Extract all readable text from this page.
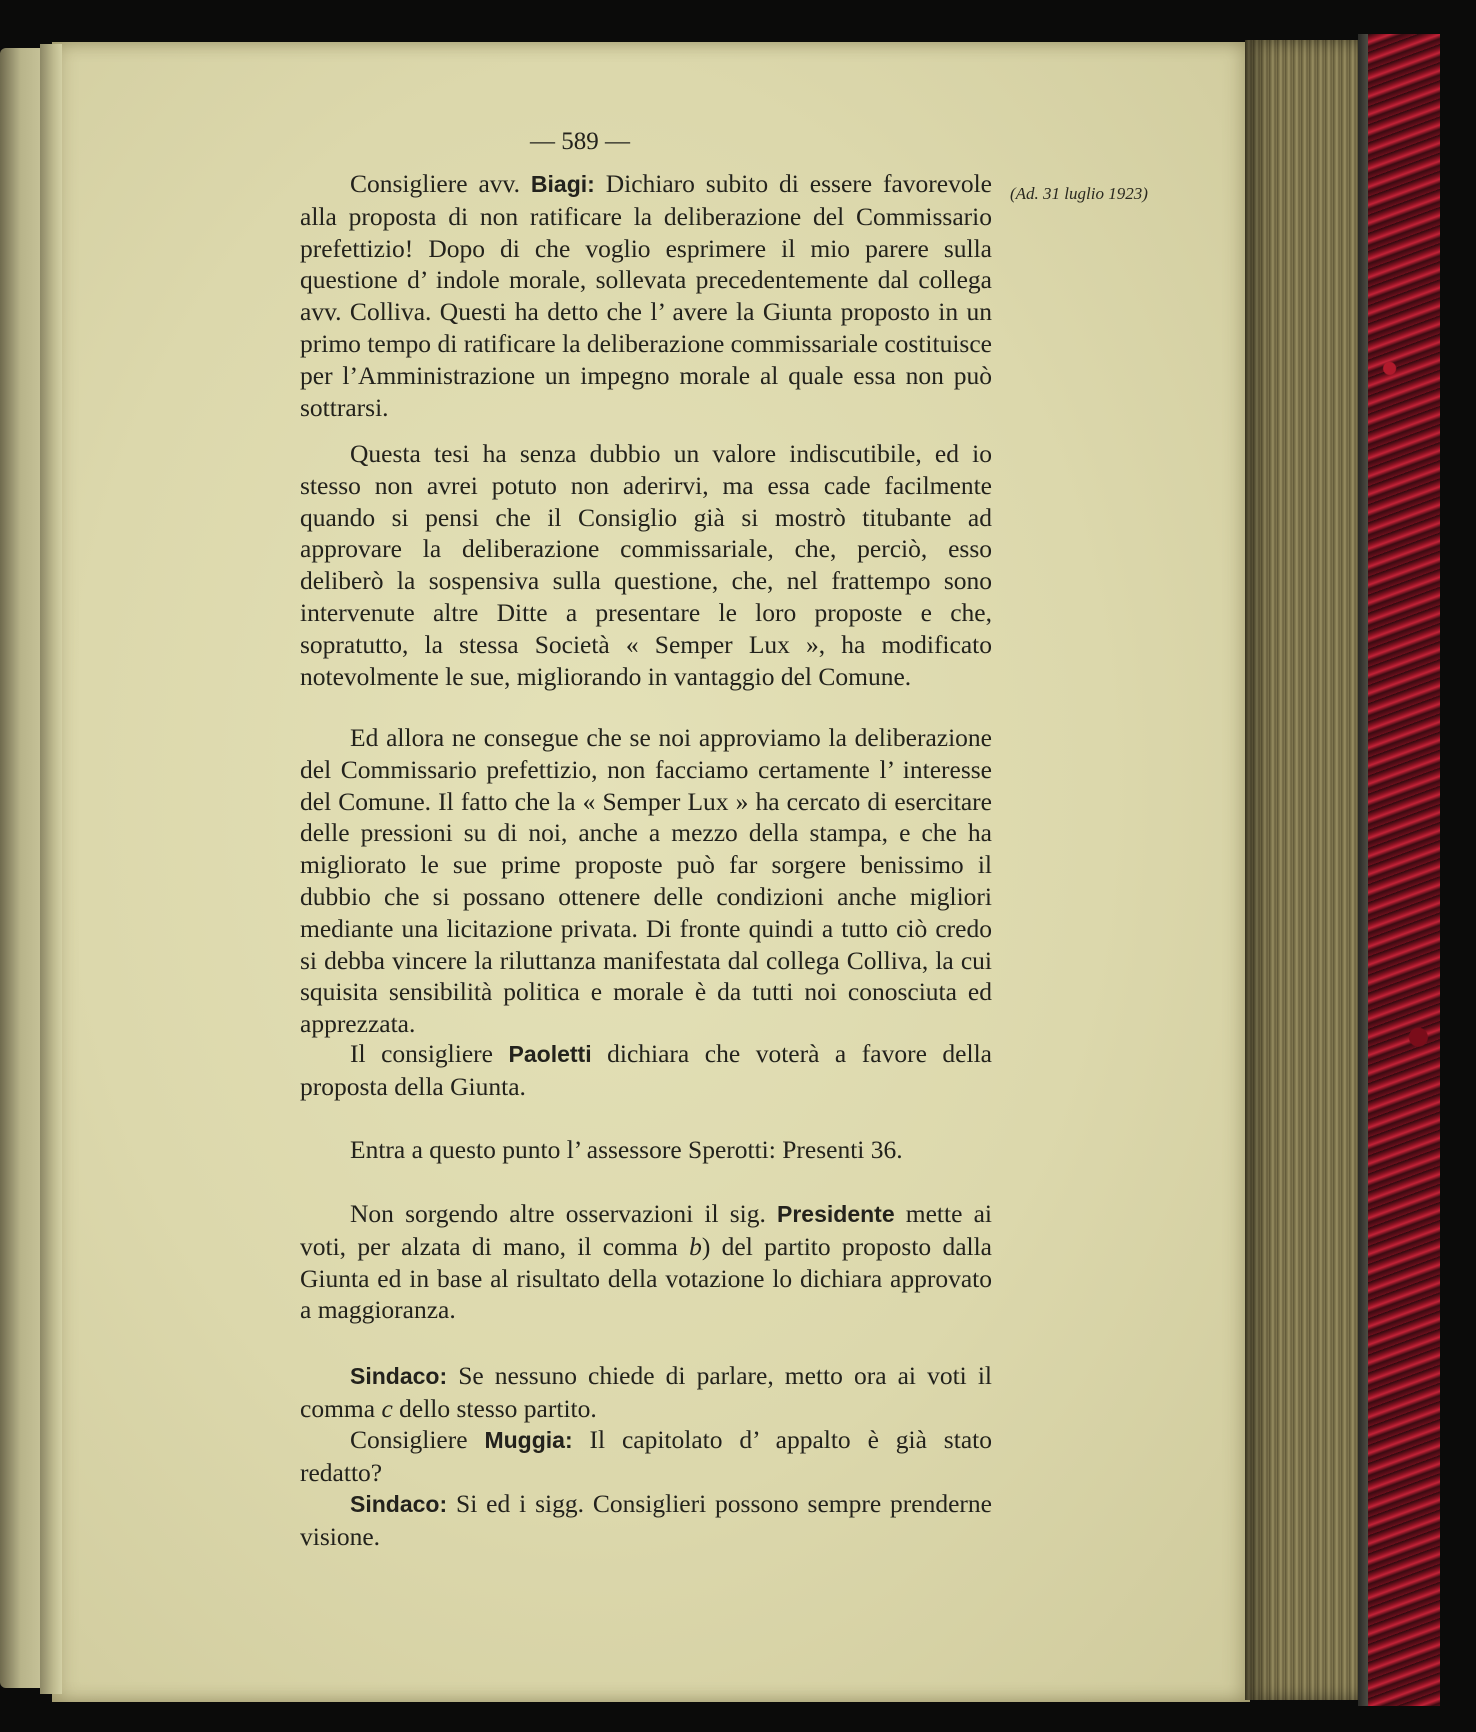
— 589 —
(Ad. 31 luglio 1923)

Consigliere avv. Biagi: Dichiaro subito di essere favorevole alla proposta di non ratificare la deliberazione del Commissario prefettizio! Dopo di che voglio esprimere il mio parere sulla questione d’ indole morale, sollevata precedentemente dal collega avv. Colliva. Questi ha detto che l’ avere la Giunta proposto in un primo tempo di ratificare la deliberazione commissariale costituisce per l’Amministrazione un impegno morale al quale essa non può sottrarsi.

Questa tesi ha senza dubbio un valore indiscutibile, ed io stesso non avrei potuto non aderirvi, ma essa cade facilmente quando si pensi che il Consiglio già si mostrò titubante ad approvare la deliberazione commissariale, che, perciò, esso deliberò la sospensiva sulla questione, che, nel frattempo sono intervenute altre Ditte a presentare le loro proposte e che, sopratutto, la stessa Società « Semper Lux », ha modificato notevolmente le sue, migliorando in vantaggio del Comune.

Ed allora ne consegue che se noi approviamo la deliberazione del Commissario prefettizio, non facciamo certamente l’ interesse del Comune. Il fatto che la « Semper Lux » ha cercato di esercitare delle pressioni su di noi, anche a mezzo della stampa, e che ha migliorato le sue prime proposte può far sorgere benissimo il dubbio che si possano ottenere delle condizioni anche migliori mediante una licitazione privata. Di fronte quindi a tutto ciò credo si debba vincere la riluttanza manifestata dal collega Colliva, la cui squisita sensibilità politica e morale è da tutti noi conosciuta ed apprezzata.

Il consigliere Paoletti dichiara che voterà a favore della proposta della Giunta.

Entra a questo punto l’ assessore Sperotti: Presenti 36.

Non sorgendo altre osservazioni il sig. Presidente mette ai voti, per alzata di mano, il comma b) del partito proposto dalla Giunta ed in base al risultato della votazione lo dichiara approvato a maggioranza.

Sindaco: Se nessuno chiede di parlare, metto ora ai voti il comma c dello stesso partito.

Consigliere Muggia: Il capitolato d’ appalto è già stato redatto?

Sindaco: Si ed i sigg. Consiglieri possono sempre prenderne visione.
